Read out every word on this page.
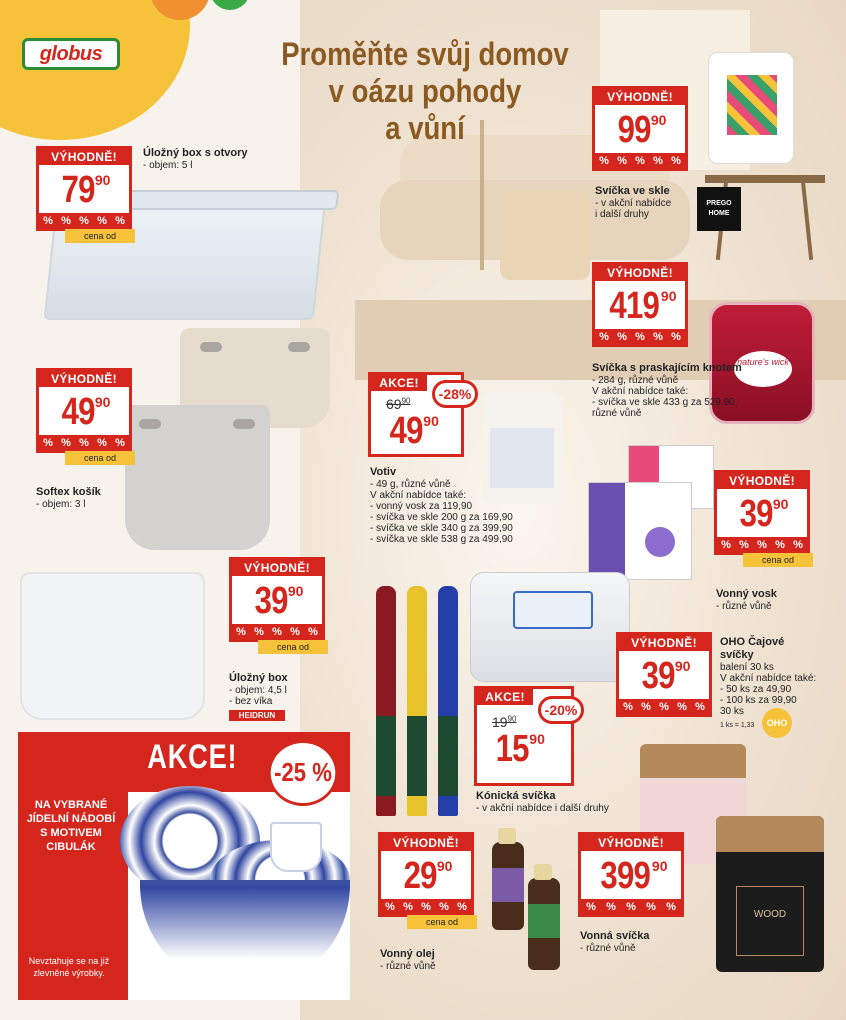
globus	Proměňte svůj domov
v oázu pohody
a vůní
VÝHODNĚ!
79 90
% % % % %
cena od
Úložný box s otvory
- objem: 5 l
VÝHODNĚ!
49 90
% % % % %
cena od
Softex košík
- objem: 3 l
VÝHODNĚ!
39 90
% % % % %
cena od
Úložný box
- objem: 4,5 l
- bez víka
HEIDRUN
AKCE! -25 %
NA VYBRANÉ
JÍDELNÍ NÁDOBÍ
S MOTIVEM
CIBULÁK
Nevztahuje se na již
zlevněné výrobky.
VÝHODNĚ!
99 90
% % % % %
Svíčka ve skle
- v akční nabídce
i další druhy
PREGO HOME
nature's wick
VÝHODNĚ!
419 90
% % % % %
Svíčka s praskajícím knotem
- 284 g, různé vůně
V akční nabídce také:
- svíčka ve skle 433 g za 529,90,
různé vůně
AKCE!
$69^{90}$	-28%
49 90
Votiv
- 49 g, různé vůně
V akční nabídce také:
- vonný vosk za 119,90
- svíčka ve skle 200 g za 169,90
- svíčka ve skle 340 g za 399,90
- svíčka ve skle 538 g za 499,90
VÝHODNĚ!
39 90
% % % % %
cena od
Vonný vosk
- různé vůně
VÝHODNĚ!
39 90
% % % % %
OHO Čajové svíčky
balení 30 ks
V akční nabídce také:
- 50 ks za 49,90
- 100 ks za 99,90
30 ks
1 ks = 1,33	OHO
AKCE!
$19^{90}$
-20%
15 90
Kónická svíčka
- v akční nabídce i další druhy
VÝHODNĚ!
29 90
% % % % %
cena od
Vonný olej
- různé vůně
WOOD
VÝHODNĚ!
399 90
% % % % %
Vonná svíčka
- různé vůně
